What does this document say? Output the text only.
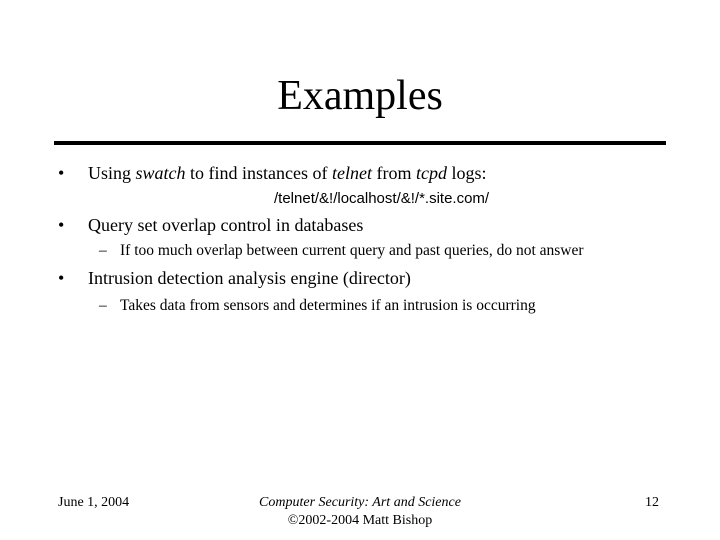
Examples
• Using swatch to find instances of telnet from tcpd logs:
/telnet/&!/localhost/&!/*.site.com/
• Query set overlap control in databases
– If too much overlap between current query and past queries, do not answer
• Intrusion detection analysis engine (director)
– Takes data from sensors and determines if an intrusion is occurring
June 1, 2004	Computer Security: Art and Science
©2002-2004 Matt Bishop
12
